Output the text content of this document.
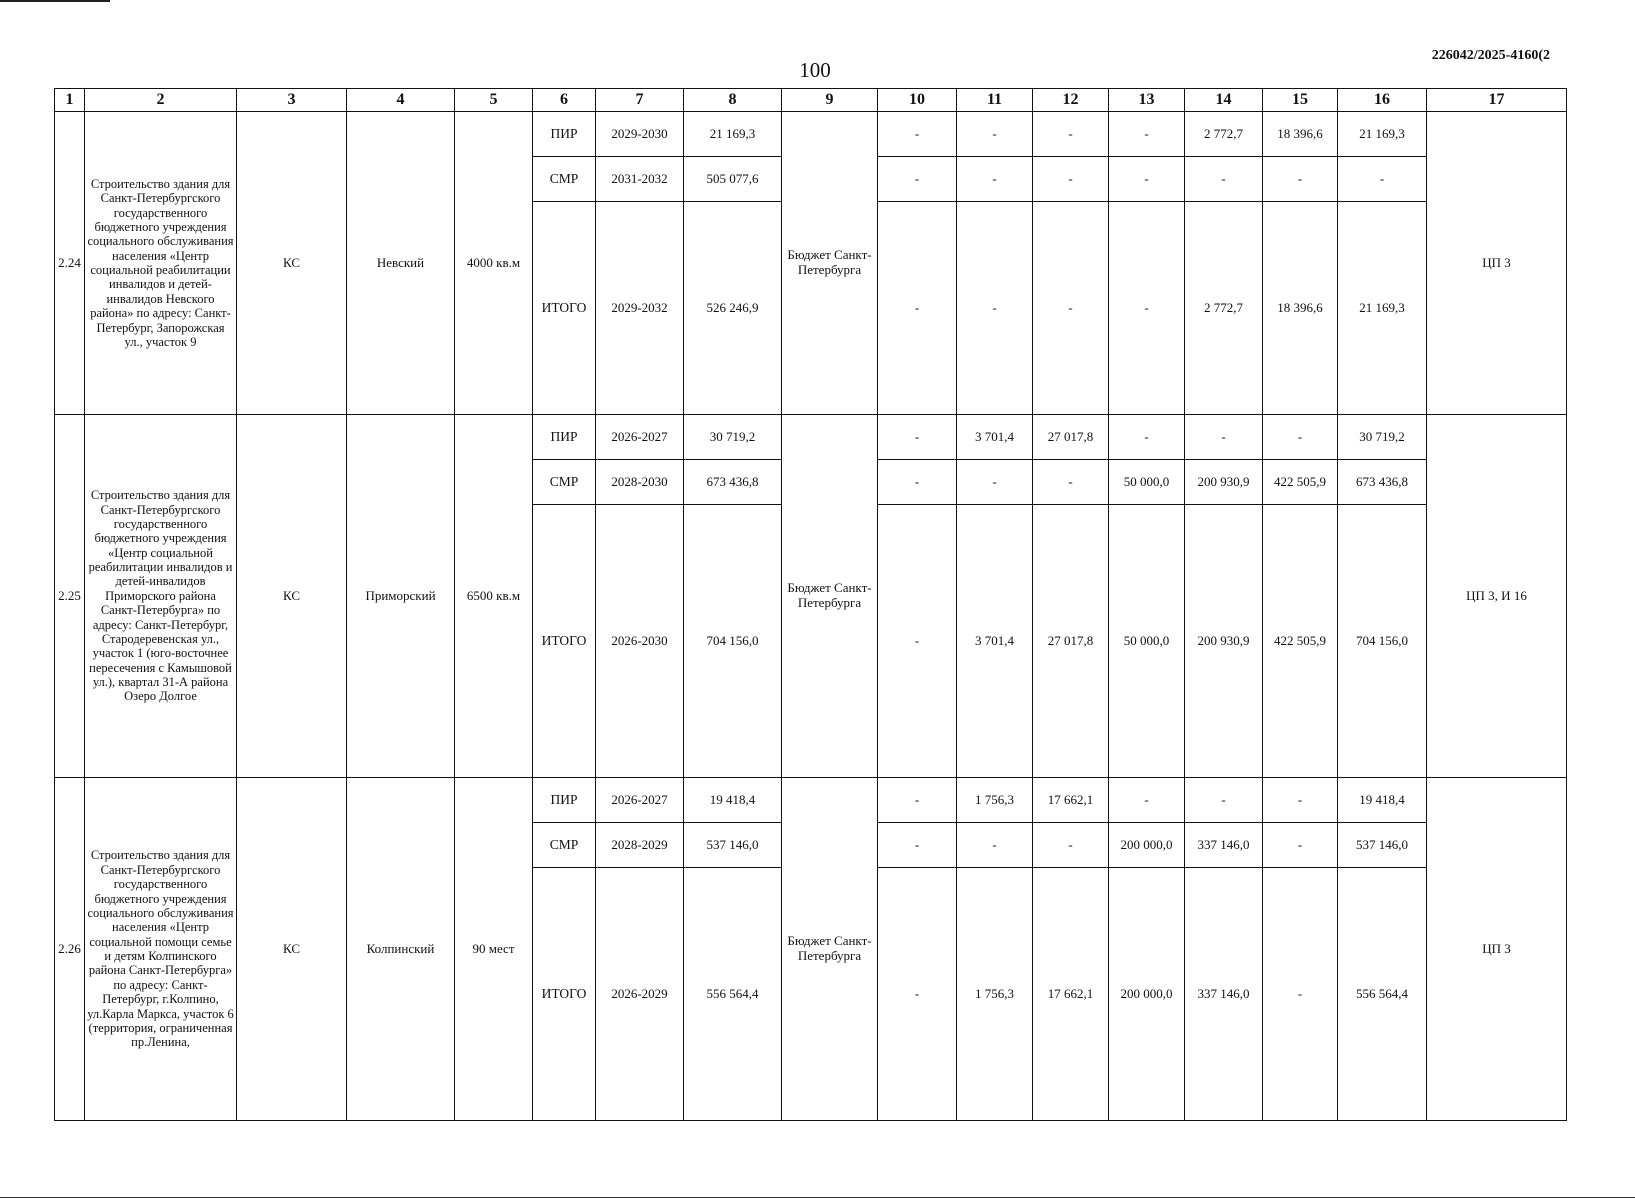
100
226042/2025-4160(2
1	2	3	4	5	6	7	8	9	10	11	12	13	14	15	16	17
2.24	Строительство здания для Санкт-Петербургского государственного бюджетного учреждения социального обслуживания населения «Центр социальной реабилитации инвалидов и детей-инвалидов Невского района» по адресу: Санкт-Петербург, Запорожская ул., участок 9	КС	Невский	4000 кв.м	ПИР	2029-2030	21 169,3	Бюджет Санкт-Петербурга	-	-	-	-	2 772,7	18 396,6	21 169,3	ЦП 3
					СМР	2031-2032	505 077,6		-	-	-	-	-	-	-	
					ИТОГО	2029-2032	526 246,9		-	-	-	-	2 772,7	18 396,6	21 169,3	
2.25	Строительство здания для Санкт-Петербургского государственного бюджетного учреждения «Центр социальной реабилитации инвалидов и детей-инвалидов Приморского района Санкт-Петербурга» по адресу: Санкт-Петербург, Стародеревенская ул., участок 1 (юго-восточнее пересечения с Камышовой ул.), квартал 31-А района Озеро Долгое	КС	Приморский	6500 кв.м	ПИР	2026-2027	30 719,2	Бюджет Санкт-Петербурга	-	3 701,4	27 017,8	-	-	-	30 719,2	ЦП 3, И 16
					СМР	2028-2030	673 436,8		-	-	-	50 000,0	200 930,9	422 505,9	673 436,8	
					ИТОГО	2026-2030	704 156,0		-	3 701,4	27 017,8	50 000,0	200 930,9	422 505,9	704 156,0	
2.26	Строительство здания для Санкт-Петербургского государственного бюджетного учреждения социального обслуживания населения «Центр социальной помощи семье и детям Колпинского района Санкт-Петербурга» по адресу: Санкт-Петербург, г.Колпино, ул.Карла Маркса, участок 6 (территория, ограниченная пр.Ленина,	КС	Колпинский	90 мест	ПИР	2026-2027	19 418,4	Бюджет Санкт-Петербурга	-	1 756,3	17 662,1	-	-	-	19 418,4	ЦП 3
					СМР	2028-2029	537 146,0		-	-	-	200 000,0	337 146,0	-	537 146,0	
					ИТОГО	2026-2029	556 564,4		-	1 756,3	17 662,1	200 000,0	337 146,0	-	556 564,4	
